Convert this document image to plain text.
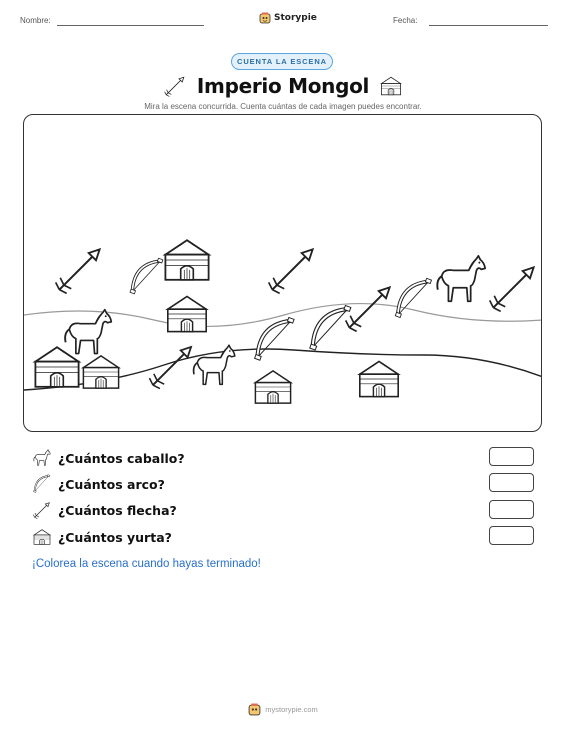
Nombre:	Storypie	Fecha:
CUENTA LA ESCENA
Imperio Mongol
Mira la escena concurrida. Cuenta cuántas de cada imagen puedes encontrar.
¿Cuántos caballo?
¿Cuántos arco?
¿Cuántos flecha?
¿Cuántos yurta?
¡Colorea la escena cuando hayas terminado!
mystorypie.com
